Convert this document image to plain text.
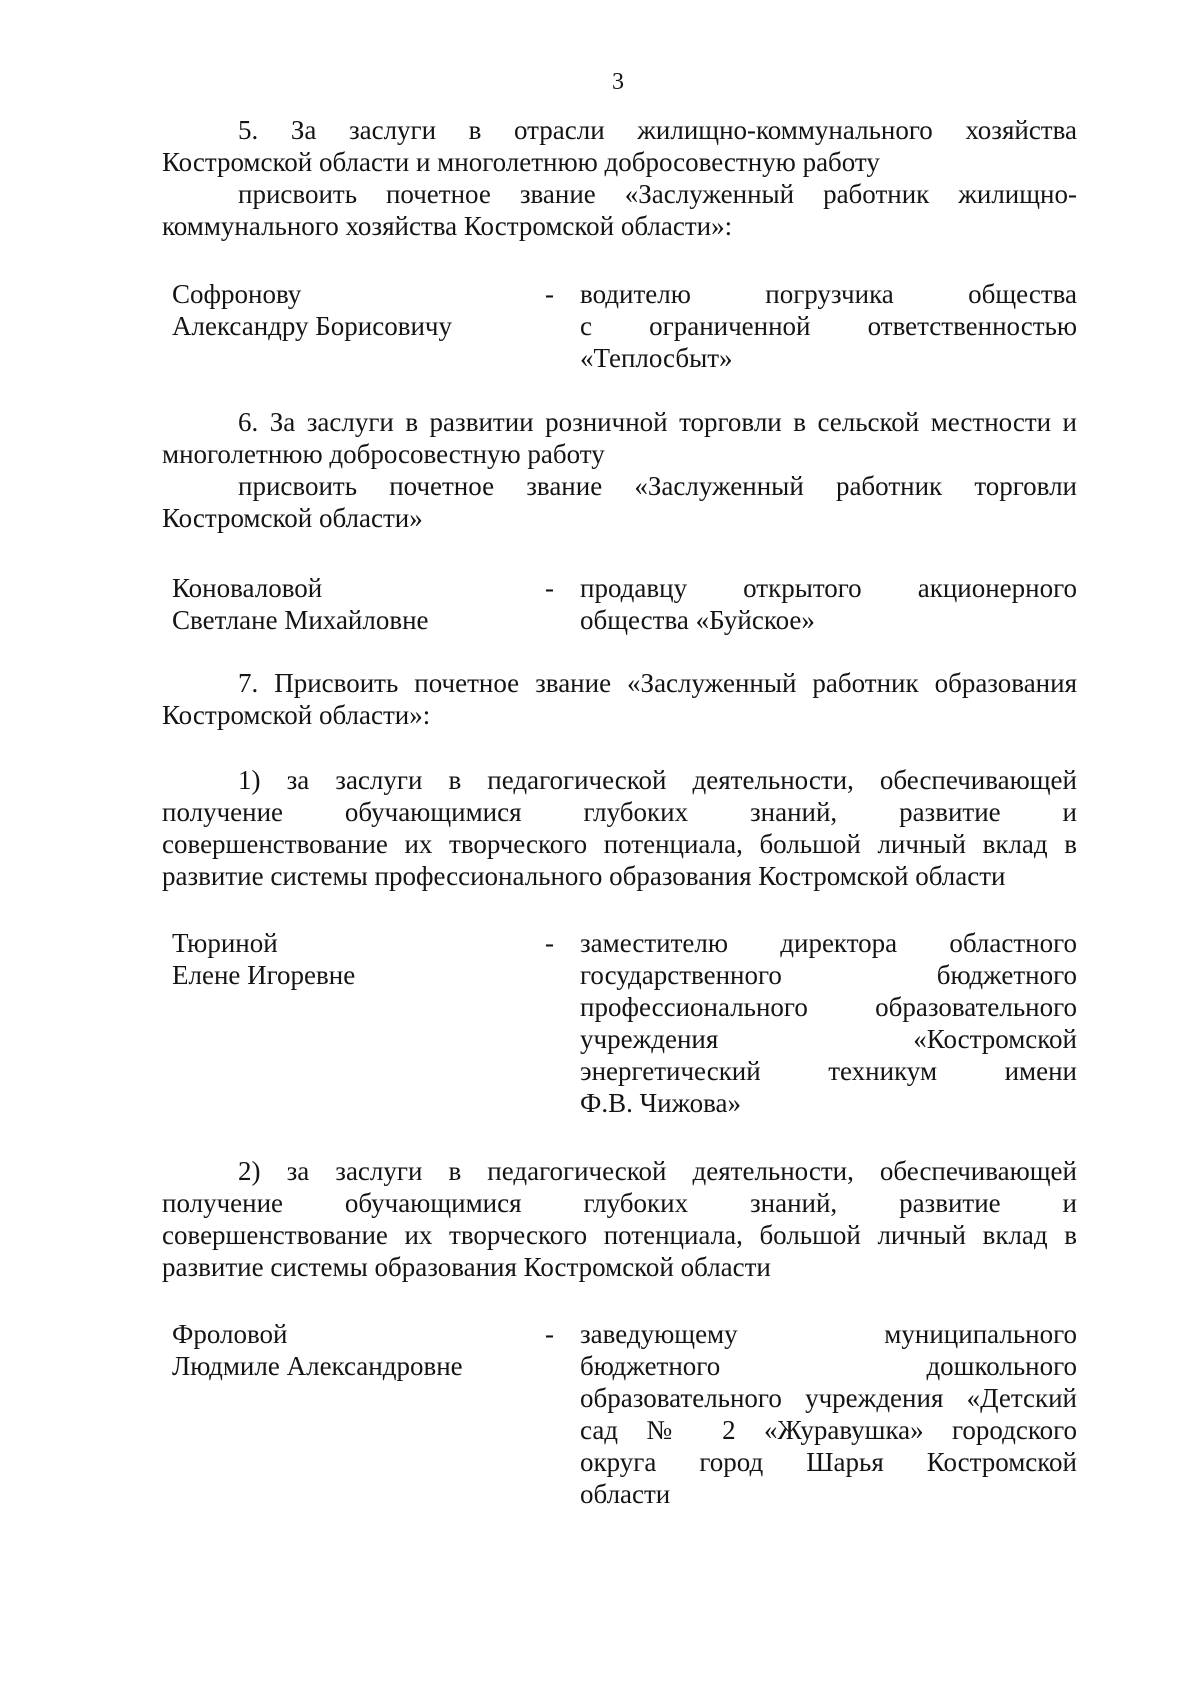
3
5. За заслуги в отрасли жилищно-коммунального хозяйства
Костромской области и многолетнюю добросовестную работу
присвоить почетное звание «Заслуженный работник жилищно-
коммунального хозяйства Костромской области»:
Софронову
Александру Борисовичу
- водителю погрузчика общества
с ограниченной ответственностью
«Теплосбыт»
6. За заслуги в развитии розничной торговли в сельской местности и
многолетнюю добросовестную работу
присвоить почетное звание «Заслуженный работник торговли
Костромской области»
Коноваловой
Светлане Михайловне
- продавцу открытого акционерного
общества «Буйское»
7. Присвоить почетное звание «Заслуженный работник образования
Костромской области»:
1) за заслуги в педагогической деятельности, обеспечивающей
получение обучающимися глубоких знаний, развитие и
совершенствование их творческого потенциала, большой личный вклад в
развитие системы профессионального образования Костромской области
Тюриной
Елене Игоревне
- заместителю директора областного
государственного бюджетного
профессионального образовательного
учреждения «Костромской
энергетический техникум имени
Ф.В. Чижова»
2) за заслуги в педагогической деятельности, обеспечивающей
получение обучающимися глубоких знаний, развитие и
совершенствование их творческого потенциала, большой личный вклад в
развитие системы образования Костромской области
Фроловой
Людмиле Александровне
- заведующему муниципального
бюджетного дошкольного
образовательного учреждения «Детский
сад № 2 «Журавушка» городского
округа город Шарья Костромской
области
